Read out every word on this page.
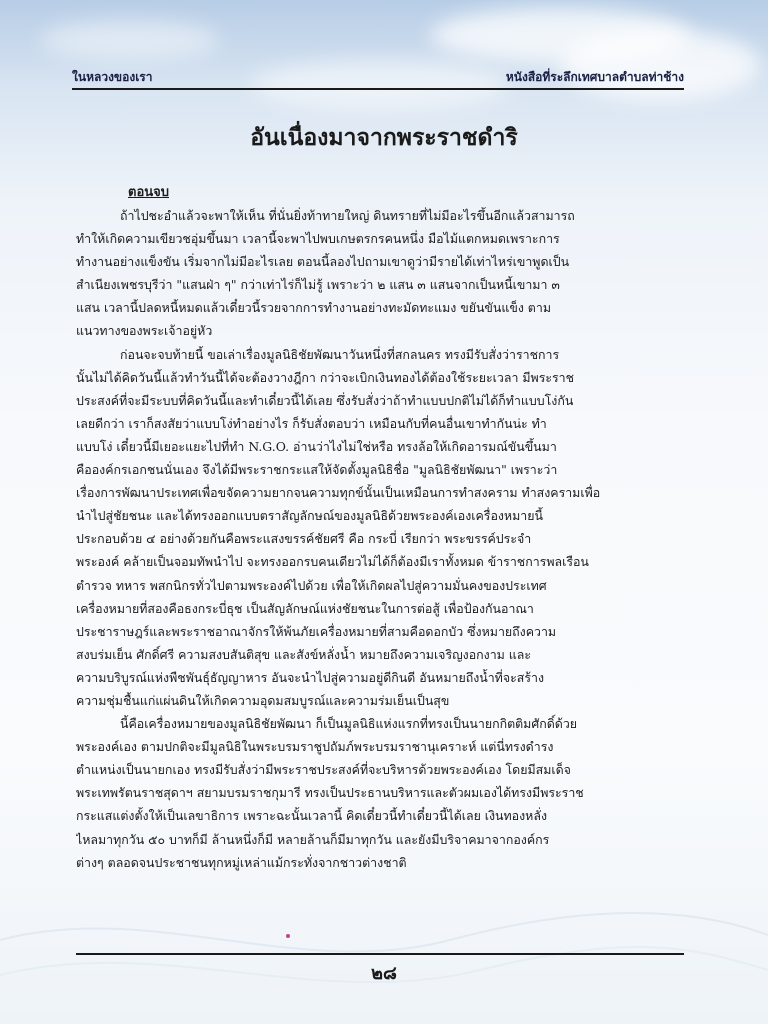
ในหลวงของเรา	หนังสือที่ระลึกเทศบาลตำบลท่าช้าง
อันเนื่องมาจากพระราชดำริ
ตอนจบ

ถ้าไปชะอำแล้วจะพาให้เห็น ที่นั่นยิ่งท้าทายใหญ่ ดินทรายที่ไม่มีอะไรขึ้นอีกแล้วสามารถ

ทำให้เกิดความเขียวชอุ่มขึ้นมา เวลานี้จะพาไปพบเกษตรกรคนหนึ่ง มือไม้แตกหมดเพราะการ

ทำงานอย่างแข็งขัน เริ่มจากไม่มีอะไรเลย ตอนนี้ลองไปถามเขาดูว่ามีรายได้เท่าไหร่เขาพูดเป็น

สำเนียงเพชรบุรีว่า "แสนฝ่า ๆ" กว่าเท่าไร่ก็ไม่รู้ เพราะว่า ๒ แสน ๓ แสนจากเป็นหนี้เขามา ๓

แสน เวลานี้ปลดหนี้หมดแล้วเดี๋ยวนี้รวยจากการทำงานอย่างทะมัดทะแมง ขยันขันแข็ง ตาม

แนวทางของพระเจ้าอยู่หัว

ก่อนจะจบท้ายนี้ ขอเล่าเรื่องมูลนิธิชัยพัฒนาวันหนึ่งที่สกลนคร ทรงมีรับสั่งว่าราชการ

นั้นไม่ได้คิดวันนี้แล้วทำวันนี้ได้จะต้องวางฎีกา กว่าจะเบิกเงินทองได้ต้องใช้ระยะเวลา มีพระราช

ประสงค์ที่จะมีระบบที่คิดวันนี้และทำเดี๋ยวนี้ได้เลย ซึ่งรับสั่งว่าถ้าทำแบบปกติไม่ได้ก็ทำแบบโง่กัน

เลยดีกว่า เราก็สงสัยว่าแบบโง่ทำอย่างไร ก็รับสั่งตอบว่า เหมือนกับที่คนอื่นเขาทำกันน่ะ ทำ

แบบโง่ เดี๋ยวนี้มีเยอะแยะไปที่ทำ N.G.O. อ่านว่าไงไม่ใช่หรือ ทรงล้อให้เกิดอารมณ์ขันขึ้นมา

คือองค์กรเอกชนนั่นเอง จึงได้มีพระราชกระแสให้จัดตั้งมูลนิธิชื่อ "มูลนิธิชัยพัฒนา" เพราะว่า

เรื่องการพัฒนาประเทศเพื่อขจัดความยากจนความทุกข์นั้นเป็นเหมือนการทำสงคราม ทำสงครามเพื่อ

นำไปสู่ชัยชนะ และได้ทรงออกแบบตราสัญลักษณ์ของมูลนิธิด้วยพระองค์เองเครื่องหมายนี้

ประกอบด้วย ๔ อย่างด้วยกันคือพระแสงขรรค์ชัยศรี คือ กระบี่ เรียกว่า พระขรรค์ประจำ

พระองค์ คล้ายเป็นจอมทัพนำไป จะทรงออกรบคนเดียวไม่ได้ก็ต้องมีเราทั้งหมด ข้าราชการพลเรือน

ตำรวจ ทหาร พสกนิกรทั่วไปตามพระองค์ไปด้วย เพื่อให้เกิดผลไปสู่ความมั่นคงของประเทศ

เครื่องหมายที่สองคือธงกระบี่ธุช เป็นสัญลักษณ์แห่งชัยชนะในการต่อสู้ เพื่อป้องกันอาณา

ประชาราษฎร์และพระราชอาณาจักรให้พ้นภัยเครื่องหมายที่สามคือดอกบัว ซึ่งหมายถึงความ

สงบร่มเย็น ศักดิ์ศรี ความสงบสันติสุข และสังข์หลั่งน้ำ หมายถึงความเจริญงอกงาม และ

ความบริบูรณ์แห่งพืชพันธุ์ธัญญาหาร อันจะนำไปสู่ความอยู่ดีกินดี อันหมายถึงน้ำที่จะสร้าง

ความชุ่มชื้นแก่แผ่นดินให้เกิดความอุดมสมบูรณ์และความร่มเย็นเป็นสุข

นี้คือเครื่องหมายของมูลนิธิชัยพัฒนา ก็เป็นมูลนิธิแห่งแรกที่ทรงเป็นนายกกิตติมศักดิ์ด้วย

พระองค์เอง ตามปกติจะมีมูลนิธิในพระบรมราชูปถัมภ์พระบรมราชานุเคราะห์ แต่นี่ทรงดำรง

ตำแหน่งเป็นนายกเอง ทรงมีรับสั่งว่ามีพระราชประสงค์ที่จะบริหารด้วยพระองค์เอง โดยมีสมเด็จ

พระเทพรัตนราชสุดาฯ สยามบรมราชกุมารี ทรงเป็นประธานบริหารและตัวผมเองได้ทรงมีพระราช

กระแสแต่งตั้งให้เป็นเลขาธิการ เพราะฉะนั้นเวลานี้ คิดเดี๋ยวนี้ทำเดี๋ยวนี้ได้เลย เงินทองหลั่ง

ไหลมาทุกวัน ๕๐ บาทก็มี ล้านหนึ่งก็มี หลายล้านก็มีมาทุกวัน และยังมีบริจาคมาจากองค์กร

ต่างๆ ตลอดจนประชาชนทุกหมู่เหล่าแม้กระทั่งจากชาวต่างชาติ

๒๘
